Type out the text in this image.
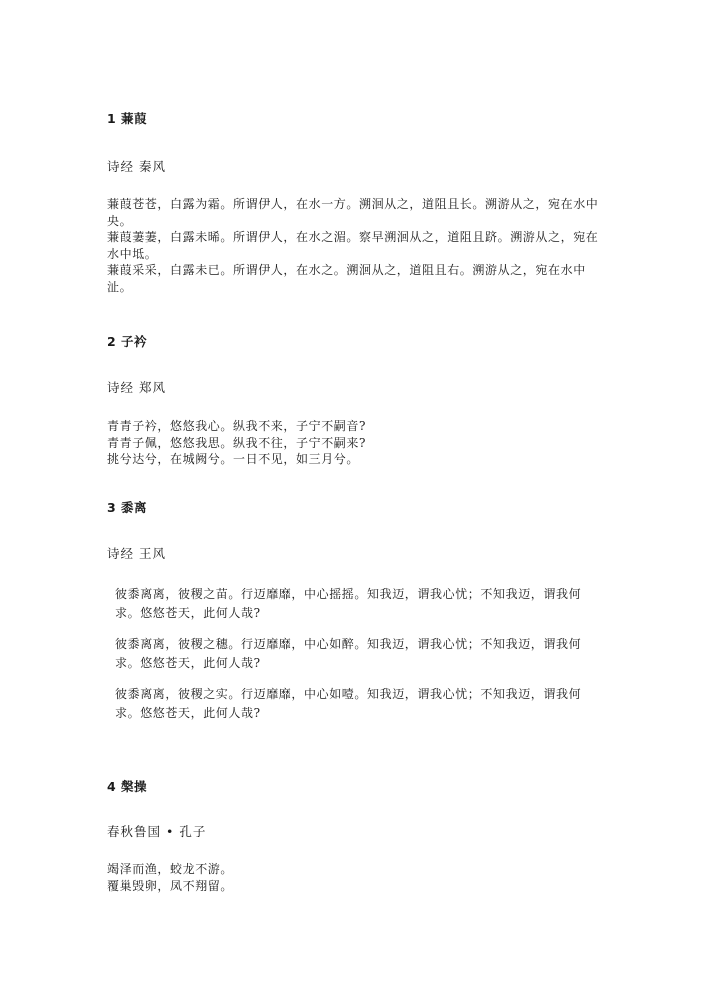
1 蒹葭
诗经 秦风
蒹葭苍苍，白露为霜。所谓伊人，在水一方。溯洄从之，道阻且长。溯游从之，宛在水中央。
蒹葭萋萋，白露未晞。所谓伊人，在水之湄。察早溯洄从之，道阻且跻。溯游从之，宛在水中坻。
蒹葭采采，白露未已。所谓伊人，在水之。溯洄从之，道阻且右。溯游从之，宛在水中沚。
2 子衿
诗经 郑风
青青子衿，悠悠我心。纵我不来，子宁不嗣音?
青青子佩，悠悠我思。纵我不往，子宁不嗣来?
挑兮达兮，在城阙兮。一日不见，如三月兮。
3 黍离
诗经 王风
彼黍离离，彼稷之苗。行迈靡靡，中心摇摇。知我迈，谓我心忧；不知我迈，谓我何求。悠悠苍天，此何人哉?
彼黍离离，彼稷之穗。行迈靡靡，中心如醉。知我迈，谓我心忧；不知我迈，谓我何求。悠悠苍天，此何人哉?
彼黍离离，彼稷之实。行迈靡靡，中心如噎。知我迈，谓我心忧；不知我迈，谓我何求。悠悠苍天，此何人哉?
4 槃操
春秋鲁国 • 孔子
竭泽而渔，蛟龙不游。
覆巢毁卵，凤不翔留。
